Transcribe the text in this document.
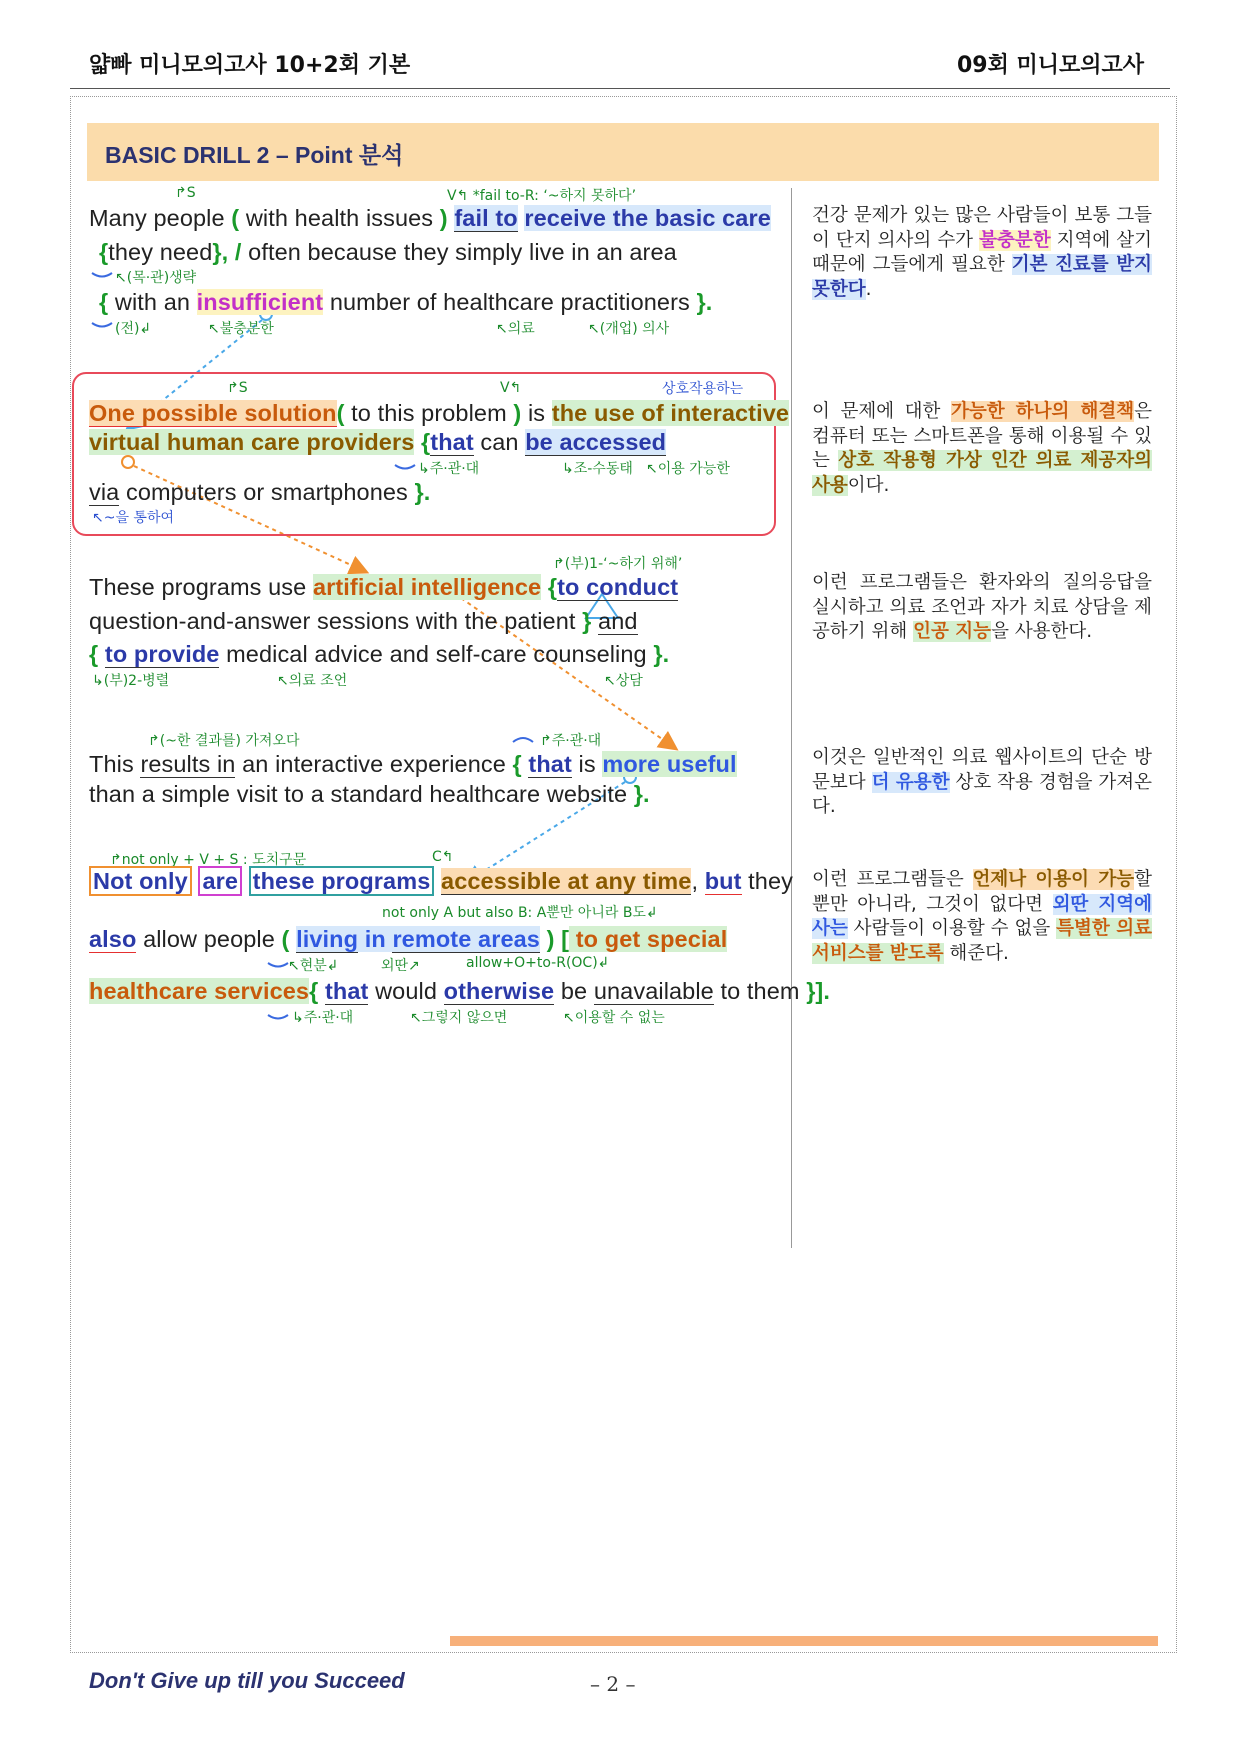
얇빠 미니모의고사 10+2회 기본	09회 미니모의고사
BASIC DRILL 2 – Point 분석
↱S	V↰ *fail to-R: ‘~하지 못하다’
Many people ( with health issues ) fail to receive the basic care
{they need}, / often because they simply live in an area
↖(목·관)생략
{ with an insufficient number of healthcare practitioners }.
(전)↲	↖불충분한	↖의료	↖(개업) 의사
↱S	V↰	상호작용하는
One possible solution( to this problem ) is the use of interactive
virtual human care providers {that can be accessed
↳주·관·대	↳조-수동태 ↖이용 가능한
via computers or smartphones }.
↖~을 통하여
↱(부)1-‘~하기 위해’
These programs use artificial intelligence {to conduct
question-and-answer sessions with the patient } and
{ to provide medical advice and self-care counseling }.
↳(부)2-병렬	↖의료 조언	↖상담
↱(~한 결과를) 가져오다	↱주·관·대
This results in an interactive experience { that is more useful
than a simple visit to a standard healthcare website }.
↱not only + V + S : 도치구문	C↰
Not only are these programs accessible at any time, but they
not only A but also B: A뿐만 아니라 B도↲
also allow people ( living in remote areas ) [ to get special
↖현분↲	외딴↗	allow+O+to-R(OC)↲
healthcare services{ that would otherwise be unavailable to them }].
↳주·관·대	↖그렇지 않으면	↖이용할 수 없는
건강 문제가 있는 많은 사람들이 보통 그들이 단지 의사의 수가 불충분한 지역에 살기 때문에 그들에게 필요한 기본 진료를 받지 못한다.
이 문제에 대한 가능한 하나의 해결책은 컴퓨터 또는 스마트폰을 통해 이용될 수 있는 상호 작용형 가상 인간 의료 제공자의 사용이다.
이런 프로그램들은 환자와의 질의응답을 실시하고 의료 조언과 자가 치료 상담을 제공하기 위해 인공 지능을 사용한다.
이것은 일반적인 의료 웹사이트의 단순 방문보다 더 유용한 상호 작용 경험을 가져온다.
이런 프로그램들은 언제나 이용이 가능할 뿐만 아니라, 그것이 없다면 외딴 지역에 사는 사람들이 이용할 수 없을 특별한 의료 서비스를 받도록 해준다.
Don't Give up till you Succeed	– 2 –
